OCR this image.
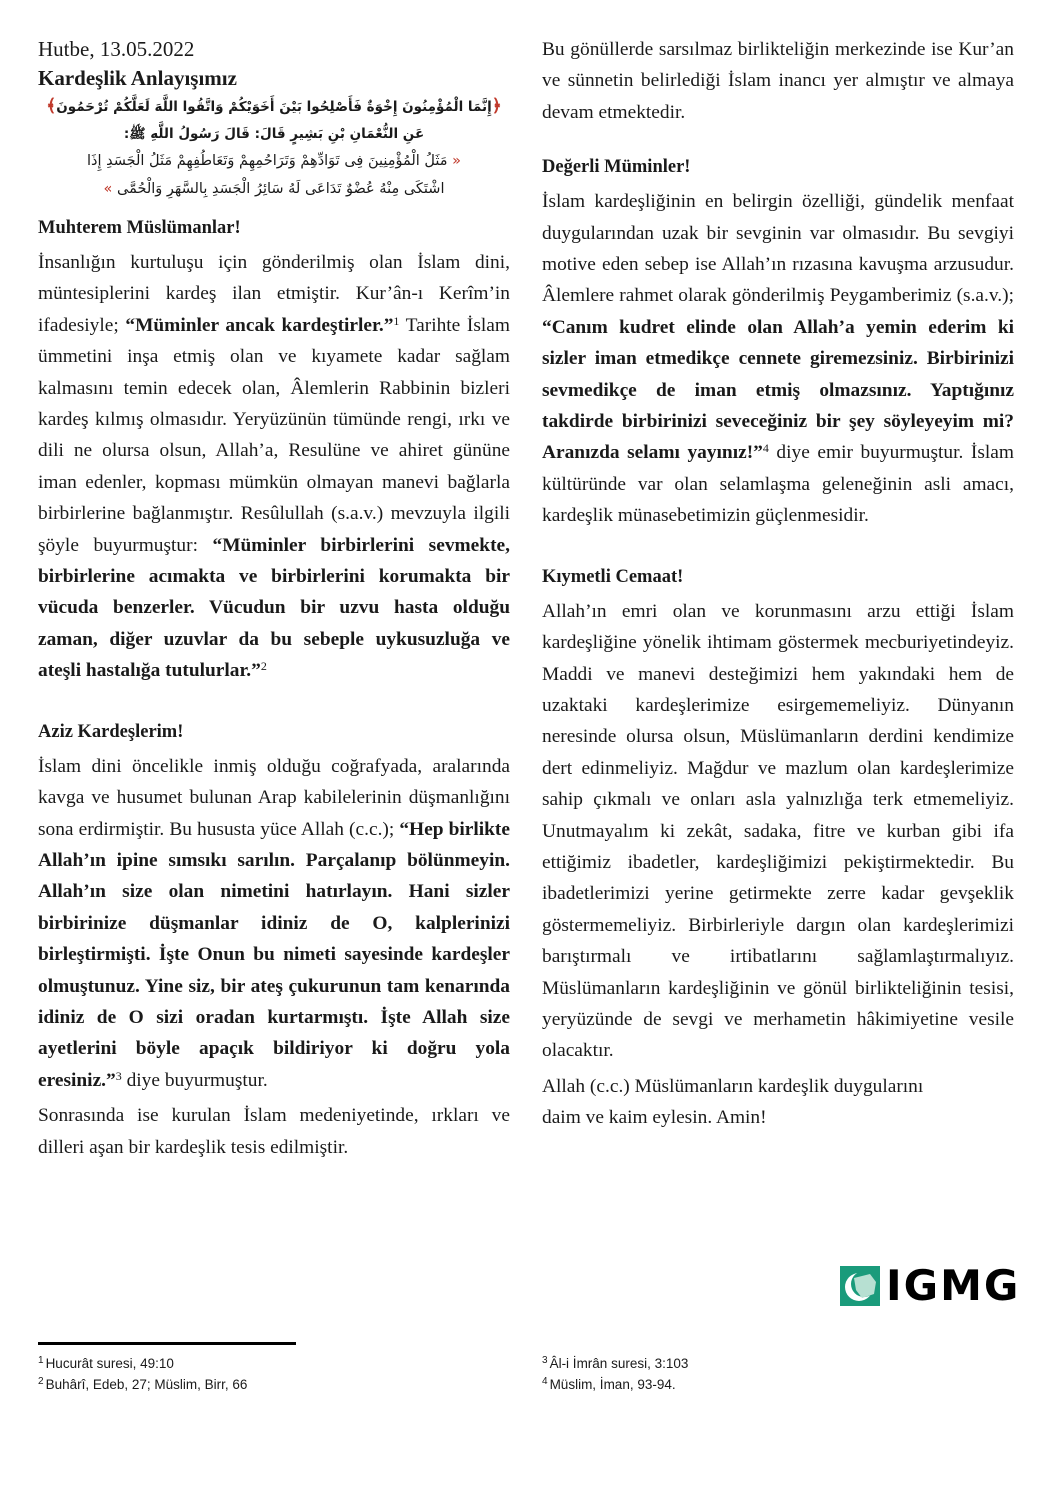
Hutbe, 13.05.2022
Kardeşlik Anlayışımız
﴿إِنَّمَا الْمُؤْمِنُونَ إِخْوَةٌ فَأَصْلِحُوا بَيْنَ أَخَوَيْكُمْ وَاتَّقُوا اللَّهَ لَعَلَّكُمْ تُرْحَمُونَ﴾
عَنِ النُّعْمَانِ بْنِ بَشِيرٍ قَالَ: قَالَ رَسُولُ اللَّهِ ﷺ:
« مَثَلُ الْمُؤْمِنِينَ فِى تَوَادِّهِمْ وَتَرَاحُمِهِمْ وَتَعَاطُفِهِمْ مَثَلُ الْجَسَدِ إِذَا
اشْتَكَى مِنْهُ عُضْوٌ تَدَاعَى لَهُ سَائِرُ الْجَسَدِ بِالسَّهَرِ وَالْحُمَّى »
Muhterem Müslümanlar!

İnsanlığın kurtuluşu için gönderilmiş olan İslam dini, müntesiplerini kardeş ilan etmiştir. Kur’ân-ı Kerîm’in ifadesiyle; “Müminler ancak kardeştirler.”$^1$ Tarihte İslam ümmetini inşa etmiş olan ve kıyamete kadar sağlam kalmasını temin edecek olan, Âlemlerin Rabbinin bizleri kardeş kılmış olmasıdır. Yeryüzünün tümünde rengi, ırkı ve dili ne olursa olsun, Allah’a, Resulüne ve ahiret gününe iman edenler, kopması mümkün olmayan manevi bağlarla birbirlerine bağlanmıştır. Resûlullah (s.a.v.) mevzuyla ilgili şöyle buyurmuştur: “Müminler birbirlerini sevmekte, birbirlerine acımakta ve birbirlerini korumakta bir vücuda benzerler. Vücudun bir uzvu hasta olduğu zaman, diğer uzuvlar da bu sebeple uykusuzluğa ve ateşli hastalığa tutulurlar.”$^2$

Aziz Kardeşlerim!

İslam dini öncelikle inmiş olduğu coğrafyada, aralarında kavga ve husumet bulunan Arap kabilelerinin düşmanlığını sona erdirmiştir. Bu hususta yüce Allah (c.c.); “Hep birlikte Allah’ın ipine sımsıkı sarılın. Parçalanıp bölünmeyin. Allah’ın size olan nimetini hatırlayın. Hani sizler birbirinize düşmanlar idiniz de O, kalplerinizi birleştirmişti. İşte Onun bu nimeti sayesinde kardeşler olmuştunuz. Yine siz, bir ateş çukurunun tam kenarında idiniz de O sizi oradan kurtarmıştı. İşte Allah size ayetlerini böyle apaçık bildiriyor ki doğru yola eresiniz.”$^3$ diye buyurmuştur.

Sonrasında ise kurulan İslam medeniyetinde, ırkları ve dilleri aşan bir kardeşlik tesis edilmiştir.

Bu gönüllerde sarsılmaz birlikteliğin merkezinde ise Kur’an ve sünnetin belirlediği İslam inancı yer almıştır ve almaya devam etmektedir.

Değerli Müminler!

İslam kardeşliğinin en belirgin özelliği, gündelik menfaat duygularından uzak bir sevginin var olmasıdır. Bu sevgiyi motive eden sebep ise Allah’ın rızasına kavuşma arzusudur. Âlemlere rahmet olarak gönderilmiş Peygamberimiz (s.a.v.); “Canım kudret elinde olan Allah’a yemin ederim ki sizler iman etmedikçe cennete giremezsiniz. Birbirinizi sevmedikçe de iman etmiş olmazsınız. Yaptığınız takdirde birbirinizi seveceğiniz bir şey söyleyeyim mi? Aranızda selamı yayınız!”$^4$ diye emir buyurmuştur. İslam kültüründe var olan selamlaşma geleneğinin asli amacı, kardeşlik münasebetimizin güçlenmesidir.

Kıymetli Cemaat!

Allah’ın emri olan ve korunmasını arzu ettiği İslam kardeşliğine yönelik ihtimam göstermek mecburiyetindeyiz. Maddi ve manevi desteğimizi hem yakındaki hem de uzaktaki kardeşlerimize esirgememeliyiz. Dünyanın neresinde olursa olsun, Müslümanların derdini kendimize dert edinmeliyiz. Mağdur ve mazlum olan kardeşlerimize sahip çıkmalı ve onları asla yalnızlığa terk etmemeliyiz. Unutmayalım ki zekât, sadaka, fitre ve kurban gibi ifa ettiğimiz ibadetler, kardeşliğimizi pekiştirmektedir. Bu ibadetlerimizi yerine getirmekte zerre kadar gevşeklik göstermemeliyiz. Birbirleriyle dargın olan kardeşlerimizi barıştırmalı ve irtibatlarını sağlamlaştırmalıyız. Müslümanların kardeşliğinin ve gönül birlikteliğinin tesisi, yeryüzünde de sevgi ve merhametin hâkimiyetine vesile olacaktır.

Allah (c.c.) Müslümanların kardeşlik duygularını
daim ve kaim eylesin. Amin!

IGMG
$^1$ Hucurât suresi, 49:10
$^2$ Buhârî, Edeb, 27; Müslim, Birr, 66
$^3$ Âl-i İmrân suresi, 3:103
$^4$ Müslim, İman, 93-94.
